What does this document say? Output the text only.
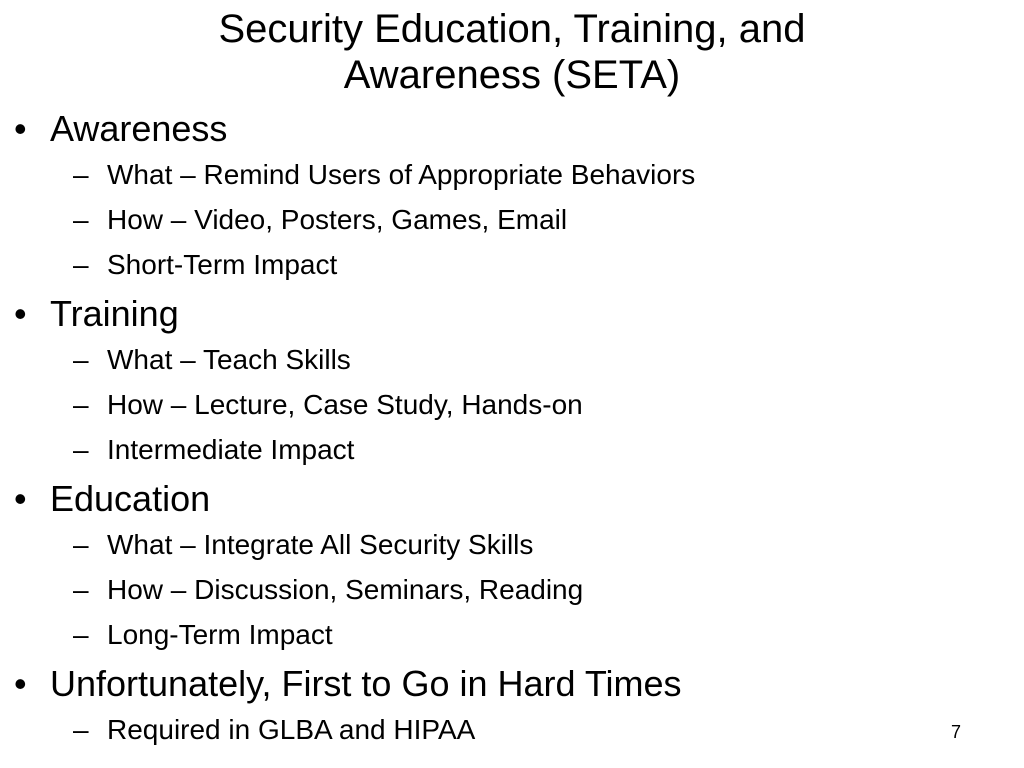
Security Education, Training, and
Awareness (SETA)
• Awareness
– What – Remind Users of Appropriate Behaviors
– How – Video, Posters, Games, Email
– Short-Term Impact
• Training
– What – Teach Skills
– How – Lecture, Case Study, Hands-on
– Intermediate Impact
• Education
– What – Integrate All Security Skills
– How – Discussion, Seminars, Reading
– Long-Term Impact
• Unfortunately, First to Go in Hard Times
– Required in GLBA and HIPAA	7
